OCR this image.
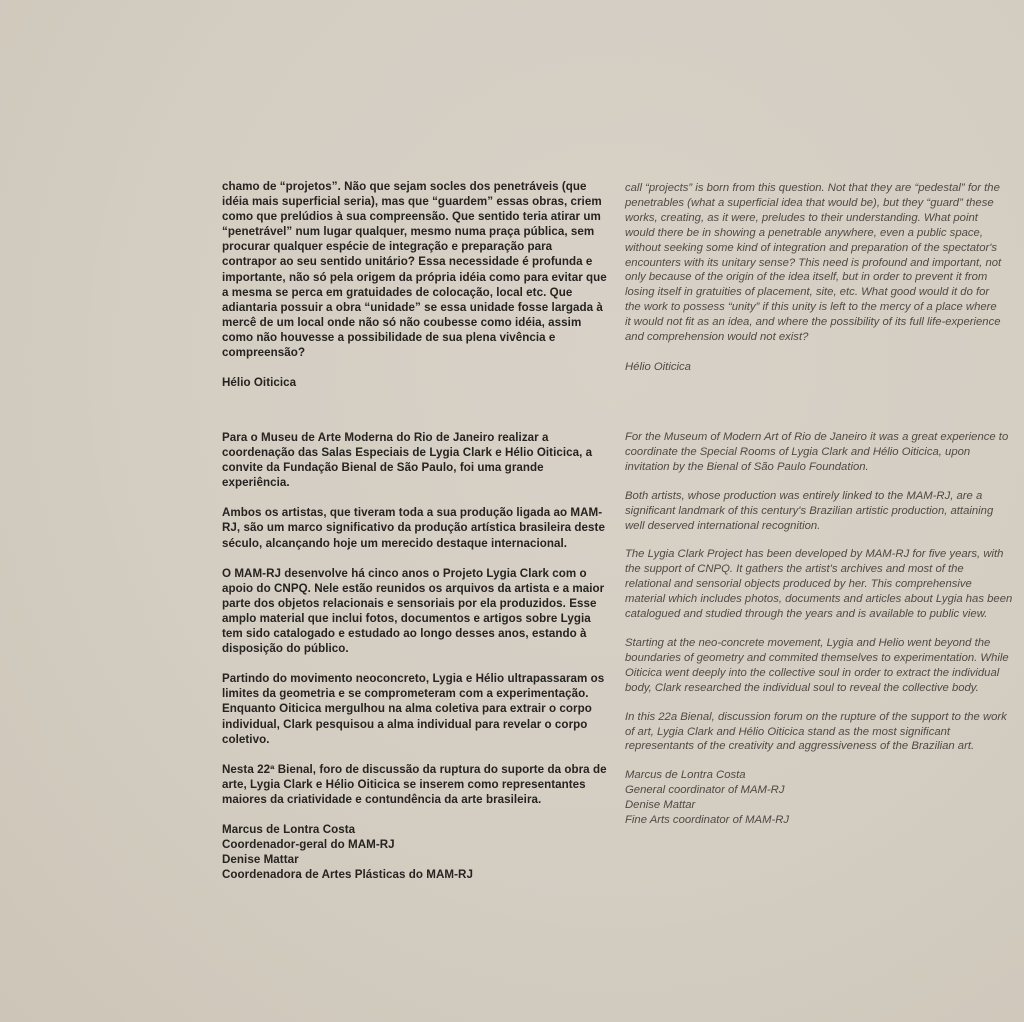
chamo de “projetos”. Não que sejam socles dos penetráveis (que
idéia mais superficial seria), mas que “guardem” essas obras, criem
como que prelúdios à sua compreensão. Que sentido teria atirar um
“penetrável” num lugar qualquer, mesmo numa praça pública, sem
procurar qualquer espécie de integração e preparação para
contrapor ao seu sentido unitário? Essa necessidade é profunda e
importante, não só pela origem da própria idéia como para evitar que
a mesma se perca em gratuidades de colocação, local etc. Que
adiantaria possuir a obra “unidade” se essa unidade fosse largada à
mercê de um local onde não só não coubesse como idéia, assim
como não houvesse a possibilidade de sua plena vivência e
compreensão?

Hélio Oiticica

call “projects” is born from this question. Not that they are “pedestal” for the
penetrables (what a superficial idea that would be), but they “guard” these
works, creating, as it were, preludes to their understanding. What point
would there be in showing a penetrable anywhere, even a public space,
without seeking some kind of integration and preparation of the spectator's
encounters with its unitary sense? This need is profound and important, not
only because of the origin of the idea itself, but in order to prevent it from
losing itself in gratuities of placement, site, etc. What good would it do for
the work to possess “unity” if this unity is left to the mercy of a place where
it would not fit as an idea, and where the possibility of its full life-experience
and comprehension would not exist?

Hélio Oiticica

Para o Museu de Arte Moderna do Rio de Janeiro realizar a
coordenação das Salas Especiais de Lygia Clark e Hélio Oiticica, a
convite da Fundação Bienal de São Paulo, foi uma grande
experiência.

Ambos os artistas, que tiveram toda a sua produção ligada ao MAM-
RJ, são um marco significativo da produção artística brasileira deste
século, alcançando hoje um merecido destaque internacional.

O MAM-RJ desenvolve há cinco anos o Projeto Lygia Clark com o
apoio do CNPQ. Nele estão reunidos os arquivos da artista e a maior
parte dos objetos relacionais e sensoriais por ela produzidos. Esse
amplo material que inclui fotos, documentos e artigos sobre Lygia
tem sido catalogado e estudado ao longo desses anos, estando à
disposição do público.

Partindo do movimento neoconcreto, Lygia e Hélio ultrapassaram os
limites da geometria e se comprometeram com a experimentação.
Enquanto Oiticica mergulhou na alma coletiva para extrair o corpo
individual, Clark pesquisou a alma individual para revelar o corpo
coletivo.

Nesta 22ª Bienal, foro de discussão da ruptura do suporte da obra de
arte, Lygia Clark e Hélio Oiticica se inserem como representantes
maiores da criatividade e contundência da arte brasileira.

Marcus de Lontra Costa
Coordenador-geral do MAM-RJ
Denise Mattar
Coordenadora de Artes Plásticas do MAM-RJ

For the Museum of Modern Art of Rio de Janeiro it was a great experience to
coordinate the Special Rooms of Lygia Clark and Hélio Oiticica, upon
invitation by the Bienal of São Paulo Foundation.

Both artists, whose production was entirely linked to the MAM-RJ, are a
significant landmark of this century's Brazilian artistic production, attaining
well deserved international recognition.

The Lygia Clark Project has been developed by MAM-RJ for five years, with
the support of CNPQ. It gathers the artist's archives and most of the
relational and sensorial objects produced by her. This comprehensive
material which includes photos, documents and articles about Lygia has been
catalogued and studied through the years and is available to public view.

Starting at the neo-concrete movement, Lygia and Helio went beyond the
boundaries of geometry and commited themselves to experimentation. While
Oiticica went deeply into the collective soul in order to extract the individual
body, Clark researched the individual soul to reveal the collective body.

In this 22a Bienal, discussion forum on the rupture of the support to the work
of art, Lygia Clark and Hélio Oiticica stand as the most significant
representants of the creativity and aggressiveness of the Brazilian art.

Marcus de Lontra Costa
General coordinator of MAM-RJ
Denise Mattar
Fine Arts coordinator of MAM-RJ
